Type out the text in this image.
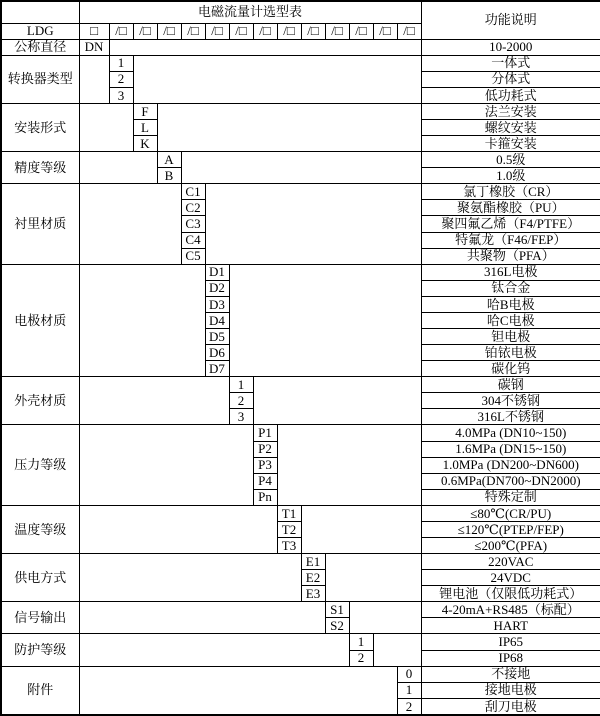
	电磁流量计选型表														功能说明
LDG	□	/□	/□	/□	/□	/□	/□	/□	/□	/□	/□	/□	/□	/□	
公称直径	DN														10-2000
转换器类型		1													一体式
		2													分体式
		3													低功耗式
安装形式			F												法兰安装
			L												螺纹安装
			K												卡箍安装
精度等级				A											0.5级
				B											1.0级
衬里材质					C1										氯丁橡胶（CR）
					C2										聚氨酯橡胶（PU）
					C3										聚四氟乙烯（F4/PTFE）
					C4										特氟龙（F46/FEP）
					C5										共聚物（PFA）
电极材质						D1									316L电极
						D2									钛合金
						D3									哈B电极
						D4									哈C电极
						D5									钽电极
						D6									铂铱电极
						D7									碳化钨
外壳材质							1								碳钢
							2								304不锈钢
							3								316L不锈钢
压力等级								P1							4.0MPa (DN10~150)
								P2							1.6MPa (DN15~150)
								P3							1.0MPa (DN200~DN600)
								P4							0.6MPa(DN700~DN2000)
								Pn							特殊定制
温度等级									T1						≤80℃(CR/PU)
									T2						≤120℃(PTEP/FEP)
									T3						≤200℃(PFA)
供电方式										E1					220VAC
										E2					24VDC
										E3					锂电池（仅限低功耗式）
信号输出											S1				4-20mA+RS485（标配）
											S2				HART
防护等级												1			IP65
												2			IP68
附件														0	不接地
														1	接地电极
														2	刮刀电极
